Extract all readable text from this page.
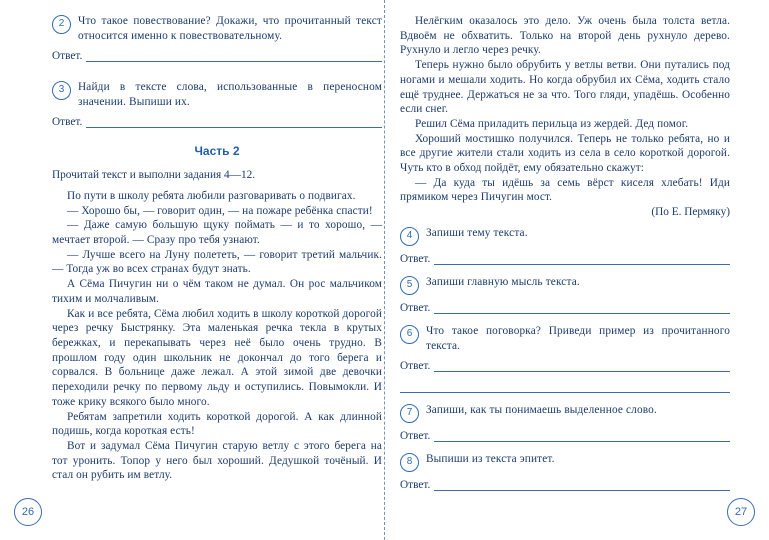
26	27
2	Что такое повествование? Докажи, что прочитанный текст относится именно к повествовательному.
Ответ.
3	Найди в тексте слова, использованные в переносном значении. Выпиши их.
Ответ.
Часть 2
Прочитай текст и выполни задания 4—12.

По пути в школу ребята любили разговаривать о подвигах.

— Хорошо бы, — говорит один, — на пожаре ребёнка спасти!

— Даже самую большую щуку поймать — и то хорошо, — мечтает второй. — Сразу про тебя узнают.

— Лучше всего на Луну полететь, — говорит третий мальчик. — Тогда уж во всех странах будут знать.

А Сёма Пичугин ни о чём таком не думал. Он рос мальчиком тихим и молчаливым.

Как и все ребята, Сёма любил ходить в школу короткой дорогой через речку Быстрянку. Эта маленькая речка текла в крутых бережках, и перекапывать через неё было очень трудно. В прошлом году один школьник не докончал до того берега и сорвался. В больнице даже лежал. А этой зимой две девочки переходили речку по первому льду и оступились. Повымокли. И тоже крику всякого было много.

Ребятам запретили ходить короткой дорогой. А как длинной подишь, когда короткая есть!

Вот и задумал Сёма Пичугин старую ветлу с этого берега на тот уронить. Топор у него был хороший. Дедушкой точёный. И стал он рубить им ветлу.

Нелёгким оказалось это дело. Уж очень была толста ветла. Вдвоём не обхватить. Только на второй день рухнуло дерево. Рухнуло и легло через речку.

Теперь нужно было обрубить у ветлы ветви. Они путались под ногами и мешали ходить. Но когда обрубил их Сёма, ходить стало ещё труднее. Держаться не за что. Того гляди, упадёшь. Особенно если снег.

Решил Сёма приладить перильца из жердей. Дед помог.

Хороший мостишко получился. Теперь не только ребята, но и все другие жители стали ходить из села в село короткой дорогой. Чуть кто в обход пойдёт, ему обязательно скажут:

— Да куда ты идёшь за семь вёрст киселя хлебать! Иди прямиком через Пичугин мост.

(По Е. Пермяку)
4	Запиши тему текста.
Ответ.
5	Запиши главную мысль текста.
Ответ.
6	Что такое поговорка? Приведи пример из прочитанного текста.
Ответ.
7	Запиши, как ты понимаешь выделенное слово.
Ответ.
8	Выпиши из текста эпитет.
Ответ.
